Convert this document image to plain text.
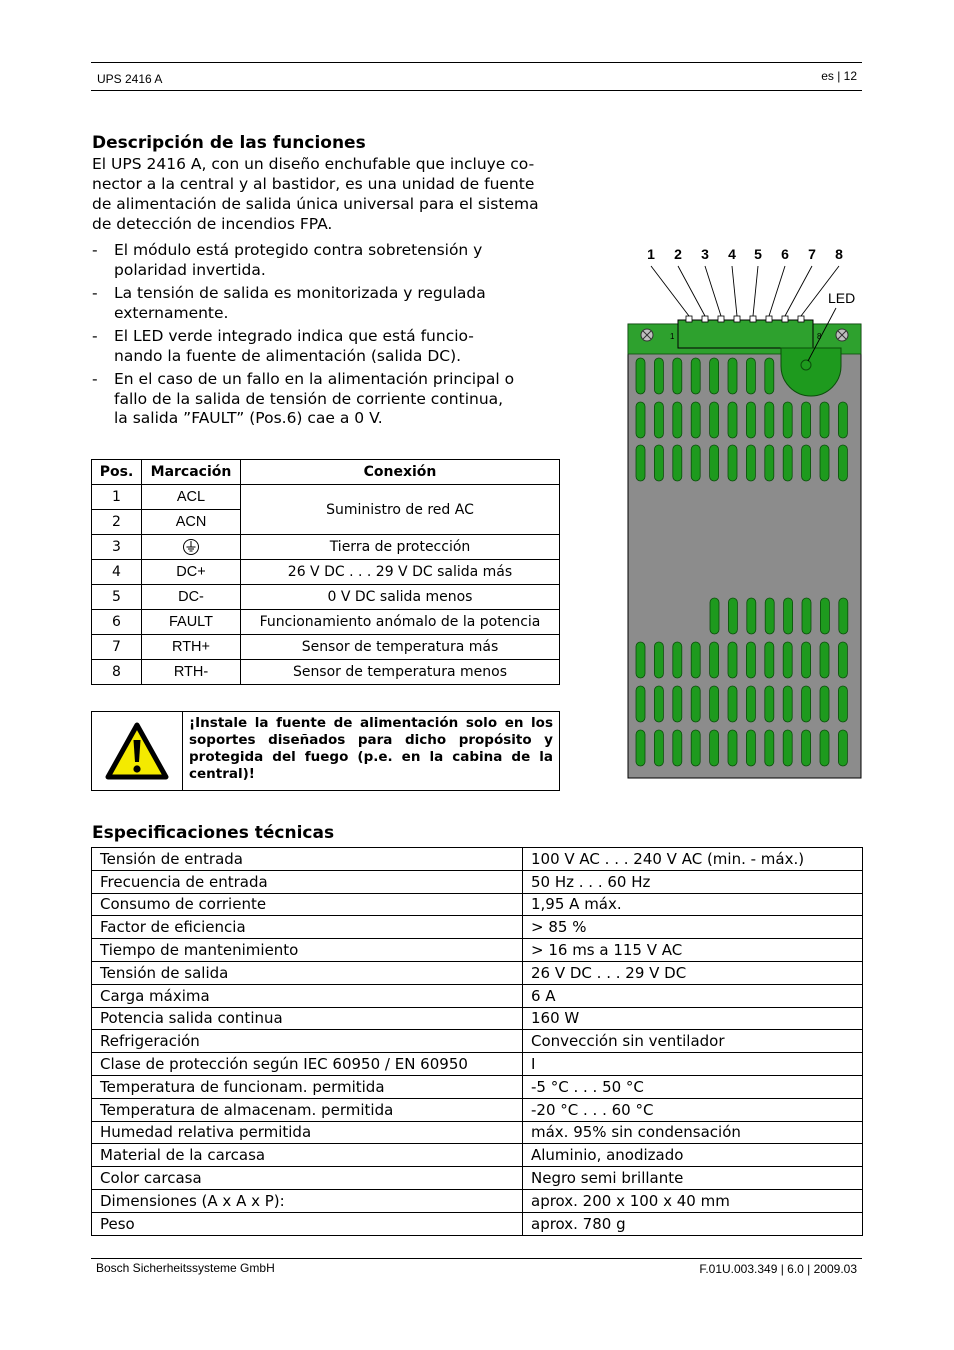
UPS 2416 A	es | 12
Descripción de las funciones
El UPS 2416 A, con un diseño enchufable que incluye co-
nector a la central y al bastidor, es una unidad de fuente
de alimentación de salida única universal para el sistema
de detección de incendios FPA.
- El módulo está protegido contra sobretensión y
polaridad invertida.
- La tensión de salida es monitorizada y regulada
externamente.
- El LED verde integrado indica que está funcio-
nando la fuente de alimentación (salida DC).
- En el caso de un fallo en la alimentación principal o
fallo de la salida de tensión de corriente continua,
la salida ”FAULT” (Pos.6) cae a 0 V.
Pos.	Marcación	Conexión
1	ACL	Suministro de red AC
2	ACN	
3		Tierra de protección
4	DC+	26 V DC . . . 29 V DC salida más
5	DC-	0 V DC salida menos
6	FAULT	Funcionamiento anómalo de la potencia
7	RTH+	Sensor de temperatura más
8	RTH-	Sensor de temperatura menos
¡Instale la fuente de alimentación solo en los soportes diseñados para dicho propósito y protegida del fuego (p.e. en la cabina de la central)!
1 2 3 4 5 6 7 8
LED
1	8
Especificaciones técnicas
Tensión de entrada	100 V AC . . . 240 V AC (min. - máx.)
Frecuencia de entrada	50 Hz . . . 60 Hz
Consumo de corriente	1,95 A máx.
Factor de eficiencia	> 85 %
Tiempo de mantenimiento	> 16 ms a 115 V AC
Tensión de salida	26 V DC . . . 29 V DC
Carga máxima	6 A
Potencia salida continua	160 W
Refrigeración	Convección sin ventilador
Clase de protección según IEC 60950 / EN 60950	I
Temperatura de funcionam. permitida	-5 °C . . . 50 °C
Temperatura de almacenam. permitida	-20 °C . . . 60 °C
Humedad relativa permitida	máx. 95% sin condensación
Material de la carcasa	Aluminio, anodizado
Color carcasa	Negro semi brillante
Dimensiones (A x A x P):	aprox. 200 x 100 x 40 mm
Peso	aprox. 780 g
Bosch Sicherheitssysteme GmbH	F.01U.003.349 | 6.0 | 2009.03
